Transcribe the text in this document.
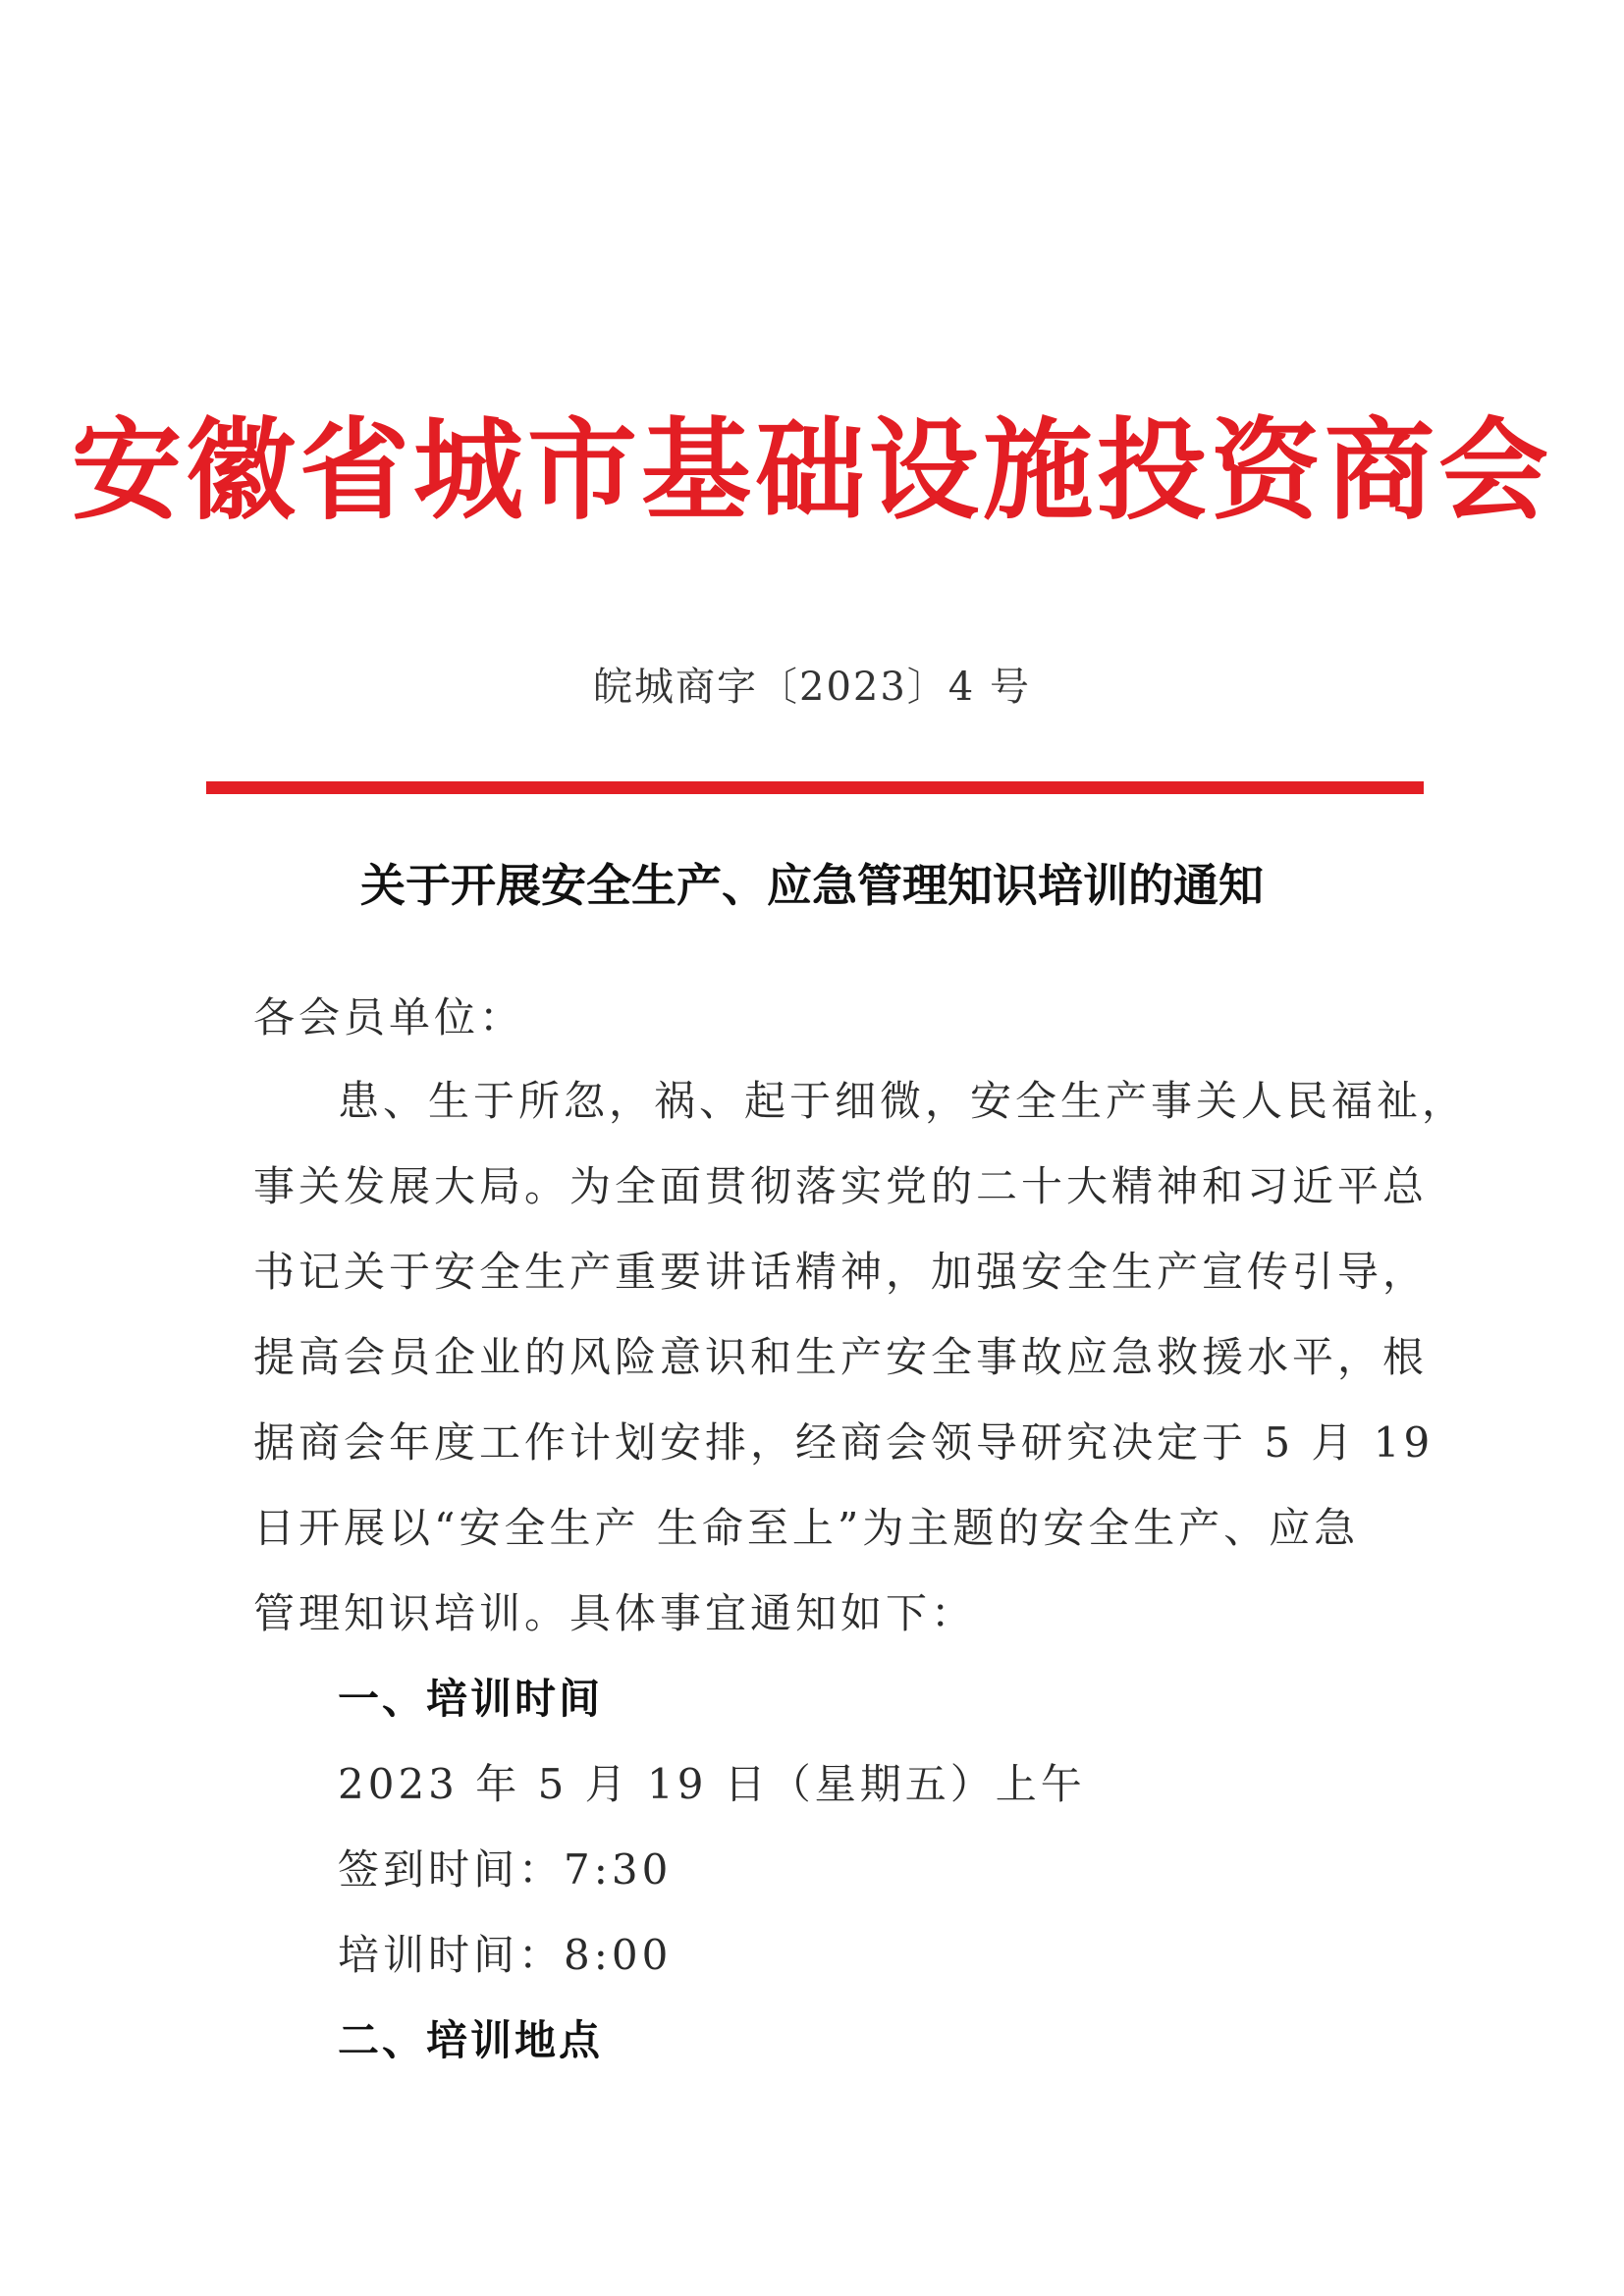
安徽省城市基础设施投资商会
皖城商字〔2023〕4 号
关于开展安全生产、应急管理知识培训的通知
各会员单位：
患、生于所忽，祸、起于细微，安全生产事关人民福祉，
事关发展大局。为全面贯彻落实党的二十大精神和习近平总
书记关于安全生产重要讲话精神，加强安全生产宣传引导，
提高会员企业的风险意识和生产安全事故应急救援水平，根
据商会年度工作计划安排，经商会领导研究决定于 5 月 19
日开展以“安全生产 生命至上”为主题的安全生产、应急
管理知识培训。具体事宜通知如下：
一、培训时间
2023 年 5 月 19 日（星期五）上午
签到时间：7:30
培训时间：8:00
二、培训地点
